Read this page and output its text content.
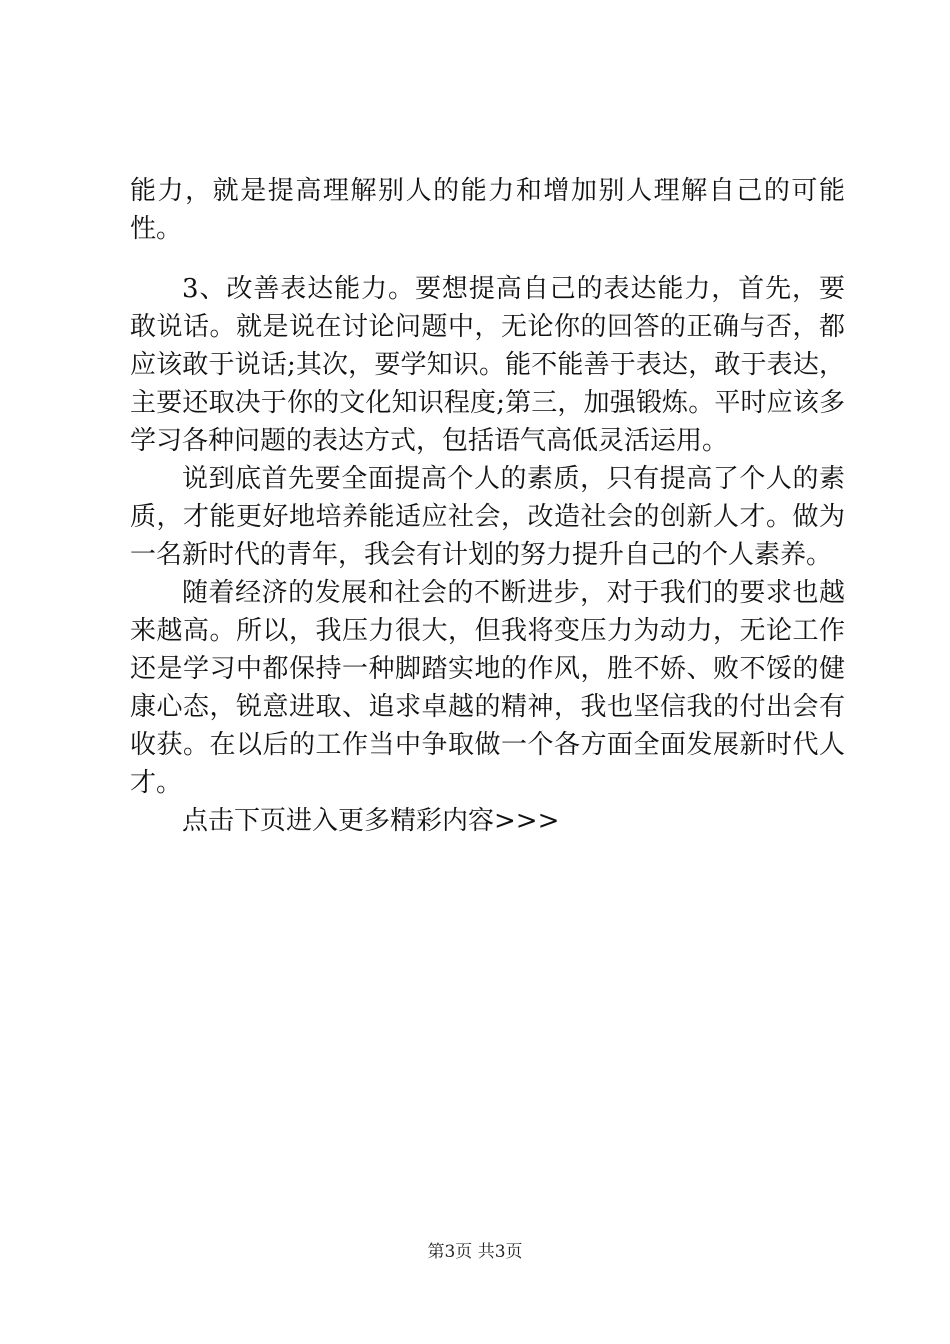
能力，就是提高理解别人的能力和增加别人理解自己的可能性。

3、改善表达能力。要想提高自己的表达能力，首先，要敢说话。就是说在讨论问题中，无论你的回答的正确与否，都应该敢于说话;其次，要学知识。能不能善于表达，敢于表达，主要还取决于你的文化知识程度;第三，加强锻炼。平时应该多学习各种问题的表达方式，包括语气高低灵活运用。

说到底首先要全面提高个人的素质，只有提高了个人的素质，才能更好地培养能适应社会，改造社会的创新人才。做为一名新时代的青年，我会有计划的努力提升自己的个人素养。

随着经济的发展和社会的不断进步，对于我们的要求也越来越高。所以，我压力很大，但我将变压力为动力，无论工作还是学习中都保持一种脚踏实地的作风，胜不娇、败不馁的健康心态，锐意进取、追求卓越的精神，我也坚信我的付出会有收获。在以后的工作当中争取做一个各方面全面发展新时代人才。

点击下页进入更多精彩内容>>>

第3页 共3页
